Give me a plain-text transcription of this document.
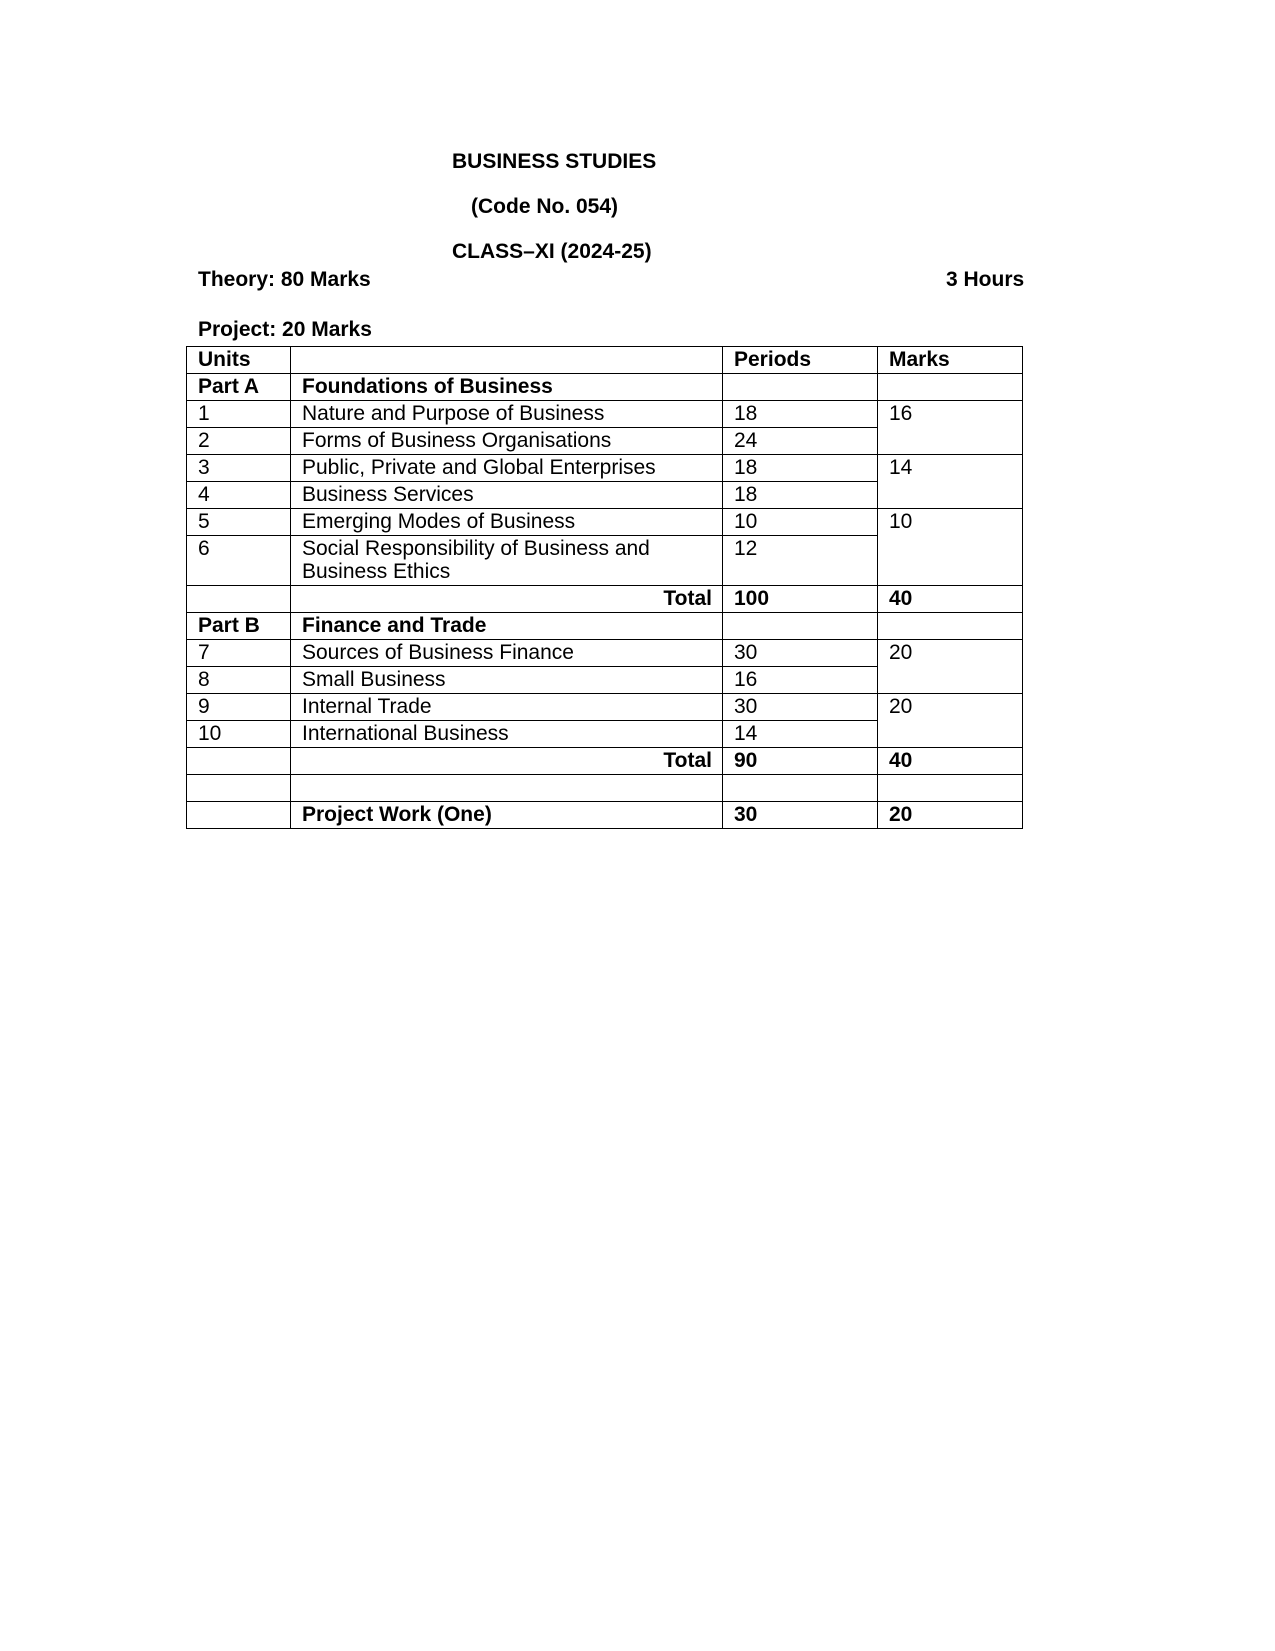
BUSINESS STUDIES
(Code No. 054)
CLASS–XI (2024-25)
Theory: 80 Marks	3 Hours
Project: 20 Marks
Units		Periods	Marks
Part A	Foundations of Business		
1	Nature and Purpose of Business	18	16
2	Forms of Business Organisations	24	
3	Public, Private and Global Enterprises	18	14
4	Business Services	18	
5	Emerging Modes of Business	10	10
6	Social Responsibility of Business and
Business Ethics	12	
	Total	100	40
Part B	Finance and Trade		
7	Sources of Business Finance	30	20
8	Small Business	16	
9	Internal Trade	30	20
10	International Business	14	
	Total	90	40

	Project Work (One)	30	20
